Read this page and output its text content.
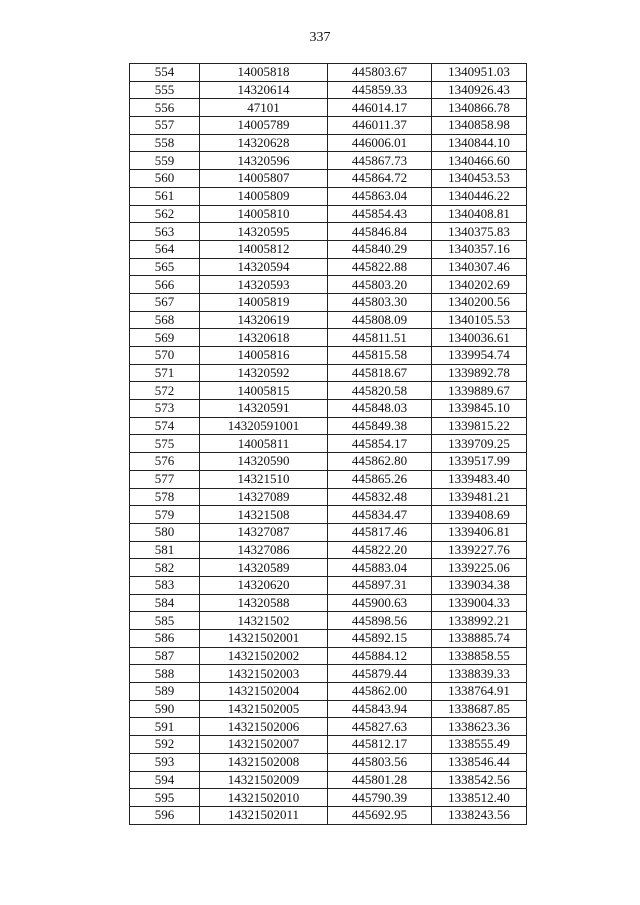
337
554	14005818	445803.67	1340951.03
555	14320614	445859.33	1340926.43
556	47101	446014.17	1340866.78
557	14005789	446011.37	1340858.98
558	14320628	446006.01	1340844.10
559	14320596	445867.73	1340466.60
560	14005807	445864.72	1340453.53
561	14005809	445863.04	1340446.22
562	14005810	445854.43	1340408.81
563	14320595	445846.84	1340375.83
564	14005812	445840.29	1340357.16
565	14320594	445822.88	1340307.46
566	14320593	445803.20	1340202.69
567	14005819	445803.30	1340200.56
568	14320619	445808.09	1340105.53
569	14320618	445811.51	1340036.61
570	14005816	445815.58	1339954.74
571	14320592	445818.67	1339892.78
572	14005815	445820.58	1339889.67
573	14320591	445848.03	1339845.10
574	14320591001	445849.38	1339815.22
575	14005811	445854.17	1339709.25
576	14320590	445862.80	1339517.99
577	14321510	445865.26	1339483.40
578	14327089	445832.48	1339481.21
579	14321508	445834.47	1339408.69
580	14327087	445817.46	1339406.81
581	14327086	445822.20	1339227.76
582	14320589	445883.04	1339225.06
583	14320620	445897.31	1339034.38
584	14320588	445900.63	1339004.33
585	14321502	445898.56	1338992.21
586	14321502001	445892.15	1338885.74
587	14321502002	445884.12	1338858.55
588	14321502003	445879.44	1338839.33
589	14321502004	445862.00	1338764.91
590	14321502005	445843.94	1338687.85
591	14321502006	445827.63	1338623.36
592	14321502007	445812.17	1338555.49
593	14321502008	445803.56	1338546.44
594	14321502009	445801.28	1338542.56
595	14321502010	445790.39	1338512.40
596	14321502011	445692.95	1338243.56
